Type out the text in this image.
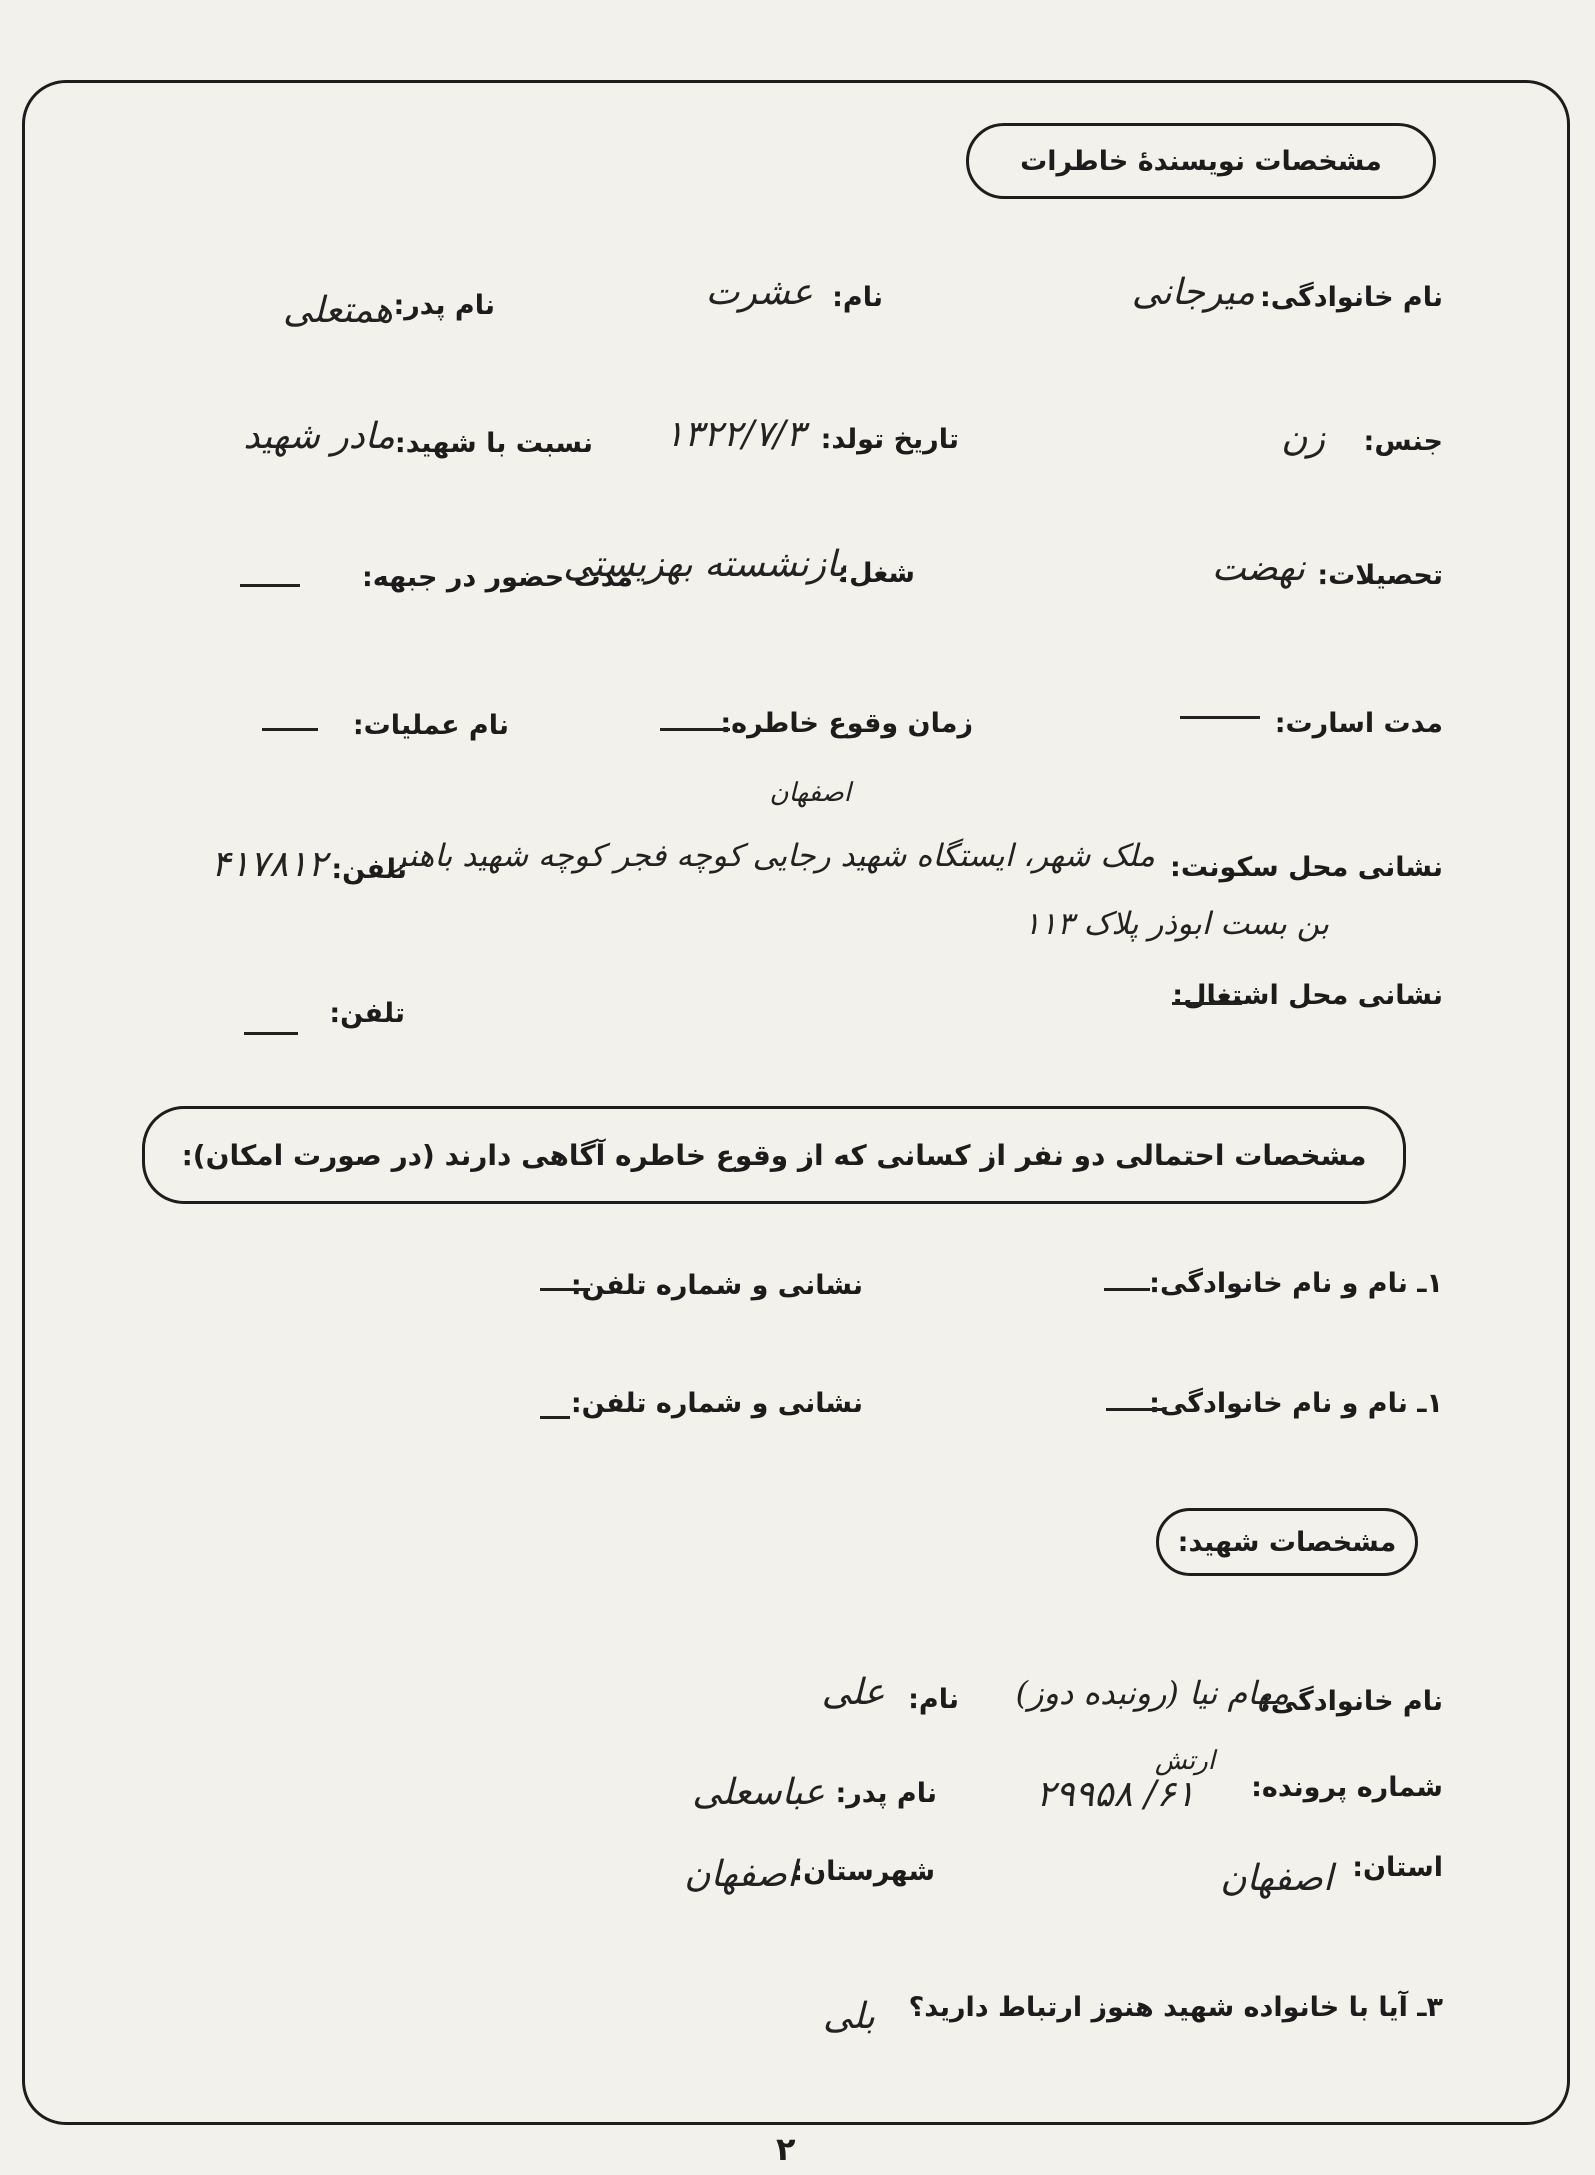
مشخصات نویسندهٔ خاطرات
نام خانوادگی:
میرجانی
نام:
عشرت
نام پدر:
همتعلی
جنس:
زن
تاریخ تولد:
۱۳۲۲/۷/۳
نسبت با شهید:
مادر شهید
تحصیلات:
نهضت
شغل:
بازنشسته بهزیستی
مدت حضور در جبهه:
مدت اسارت:
زمان وقوع خاطره:
نام عملیات:
اصفهان
نشانی محل سکونت:
ملک شهر، ایستگاه شهید رجایی کوچه فجر کوچه شهید باهنر
تلفن:
۴۱۷۸۱۲
بن بست ابوذر پلاک ۱۱۳
نشانی محل اشتغال:
تلفن:
مشخصات احتمالی دو نفر از کسانی که از وقوع خاطره آگاهی دارند (در صورت امکان):
۱ـ نام و نام خانوادگی:
نشانی و شماره تلفن:
۱ـ نام و نام خانوادگی:
نشانی و شماره تلفن:
مشخصات شهید:
نام خانوادگی:
مهام نیا (رونبده دوز)
نام:
علی
ارتش
شماره پرونده:
۶۱/ ۲۹۹۵۸
نام پدر:
عباسعلی
استان:
اصفهان
شهرستان:
اصفهان
۳ـ آیا با خانواده شهید هنوز ارتباط دارید؟
بلی
۲
